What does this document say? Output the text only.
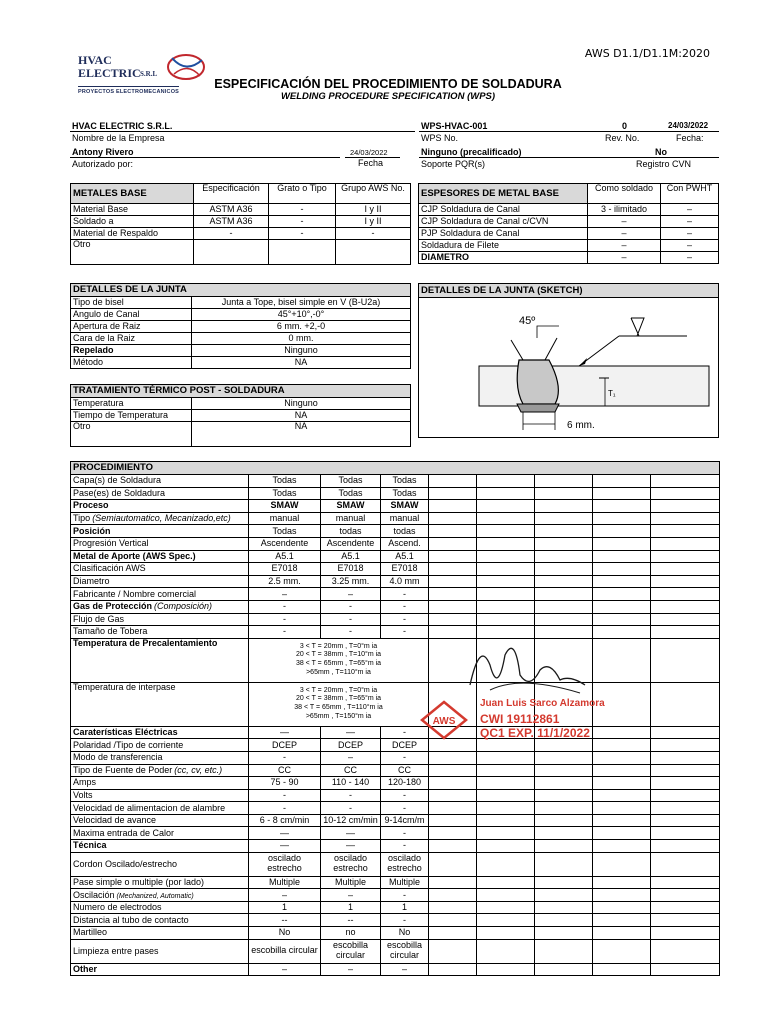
HVAC
ELECTRIC S.R.L
PROYECTOS ELECTROMECANICOS
AWS D1.1/D1.1M:2020
ESPECIFICACIÓN DEL PROCEDIMIENTO DE SOLDADURA
WELDING PROCEDURE SPECIFICATION (WPS)
HVAC ELECTRIC S.R.L.
Nombre de la Empresa
Antony Rivero
Autorizado por:
24/03/2022
Fecha
WPS-HVAC-001
WPS No.
0
Rev. No.
24/03/2022
Fecha:
Ninguno (precalificado)
Soporte PQR(s)
No
Registro CVN
METALES BASE	Especificación	Grato o Tipo	Grupo AWS No.
Material Base	ASTM A36	-	I y II
Soldado a	ASTM A36	-	I y II
Material de Respaldo	-	-	-
Otro			
ESPESORES DE METAL BASE	Como soldado	Con PWHT
CJP Soldadura de Canal	3 - ilimitado	–
CJP Soldadura de Canal c/CVN	–	–
PJP Soldadura de Canal	–	–
Soldadura de Filete	–	–
DIAMETRO	–	–
DETALLES DE LA JUNTA	
Tipo de bisel	Junta a Tope, bisel simple en V (B-U2a)
Angulo de Canal	45°+10°,-0°
Apertura de Raiz	6 mm. +2,-0
Cara de la Raiz	0 mm.
Repelado	Ninguno
Método	NA
DETALLES DE LA JUNTA (SKETCH)
45º
T₁
6 mm.
TRATAMIENTO TÉRMICO POST - SOLDADURA	
Temperatura	Ninguno
Tiempo de Temperatura	NA
Otro	NA
PROCEDIMIENTO								
Capa(s) de Soldadura	Todas	Todas	Todas					
Pase(es) de Soldadura	Todas	Todas	Todas					
Proceso	SMAW	SMAW	SMAW					
Tipo (Semiautomatico, Mecanizado,etc)	manual	manual	manual					
Posición	Todas	todas	todas					
Progresión Vertical	Ascendente	Ascendente	Ascend.					
Metal de Aporte (AWS Spec.)	A5.1	A5.1	A5.1					
Clasificación AWS	E7018	E7018	E7018					
Diametro	2.5 mm.	3.25 mm.	4.0 mm					
Fabricante / Nombre comercial	–	–	-					
Gas de Protección (Composición)	-	-	-					
Flujo de Gas	-	-	-					
Tamaño de Tobera	-	-	-					
Temperatura de Precalentamiento	3 < T = 20mm , T=0°m ia
20 < T = 38mm , T=10°m ia
38 < T = 65mm , T=65°m ia
>65mm , T=110°m ia							

Temperatura de interpase	3 < T = 20mm , T=0°m ia
20 < T = 38mm , T=65°m ia
38 < T = 65mm , T=110°m ia
>65mm , T=150°m ia							

Caraterísticas Eléctricas	—	—	-					
Polaridad /Tipo de corriente	DCEP	DCEP	DCEP					
Modo de transferencia	-	–	-					
Tipo de Fuente de Poder (cc, cv, etc.)	CC	CC	CC					
Amps	75 - 90	110 - 140	120-180					
Volts	-	-	-					
Velocidad de alimentacion de alambre	-	-	-					
Velocidad de avance	6 - 8 cm/min	10-12 cm/min	9-14cm/m					
Maxima entrada de Calor	—	—	-					
Técnica	—	—	-					
Cordon Oscilado/estrecho	oscilado estrecho	oscilado estrecho	oscilado estrecho					
Pase simple o multiple (por lado)	Multiple	Multiple	Multiple					
Oscilación (Mechanized, Automatic)	–	–	-					
Numero de electrodos	1	1	1					
Distancia al tubo de contacto	--	--	-					
Martilleo	No	no	No					
Limpieza entre pases	escobilla circular	escobilla circular	escobilla circular					
Other	–	–	–					
AWS
Juan Luis Sarco Alzamora
CWI 19112861
QC1 EXP. 11/1/2022
